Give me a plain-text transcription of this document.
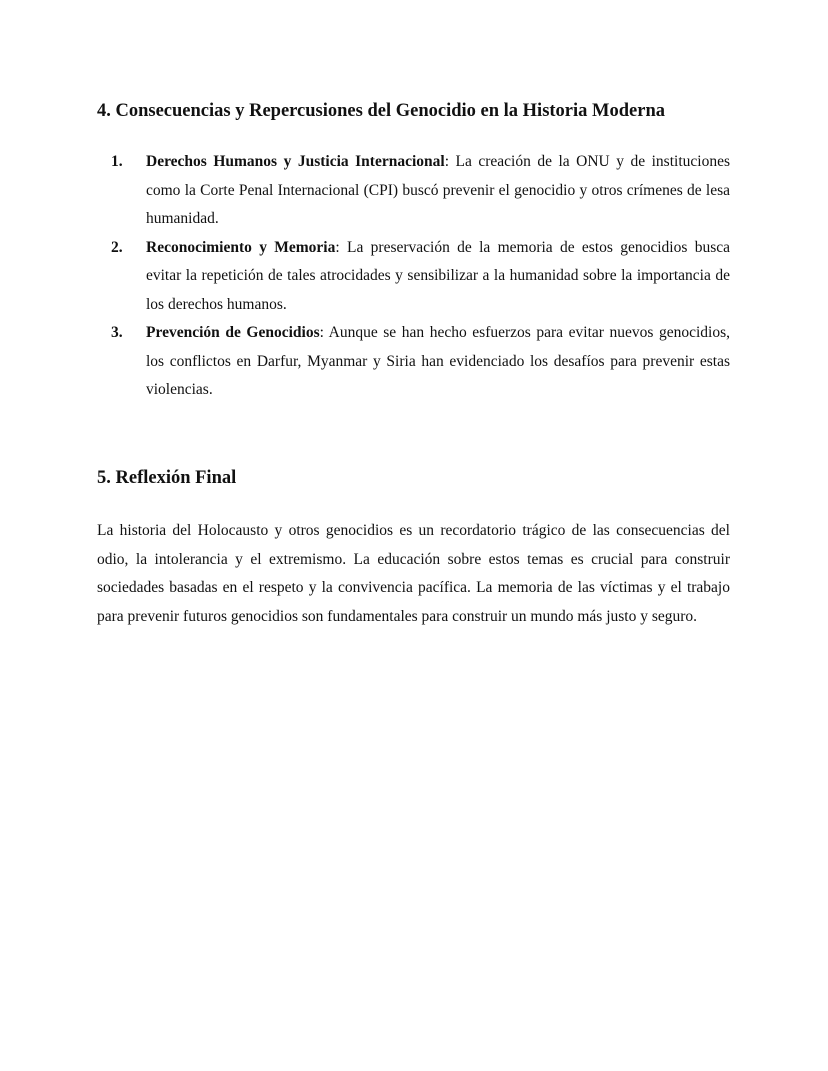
4. Consecuencias y Repercusiones del Genocidio en la Historia Moderna
1. Derechos Humanos y Justicia Internacional: La creación de la ONU y de instituciones como la Corte Penal Internacional (CPI) buscó prevenir el genocidio y otros crímenes de lesa humanidad.
2. Reconocimiento y Memoria: La preservación de la memoria de estos genocidios busca evitar la repetición de tales atrocidades y sensibilizar a la humanidad sobre la importancia de los derechos humanos.
3. Prevención de Genocidios: Aunque se han hecho esfuerzos para evitar nuevos genocidios, los conflictos en Darfur, Myanmar y Siria han evidenciado los desafíos para prevenir estas violencias.
5. Reflexión Final

La historia del Holocausto y otros genocidios es un recordatorio trágico de las consecuencias del odio, la intolerancia y el extremismo. La educación sobre estos temas es crucial para construir sociedades basadas en el respeto y la convivencia pacífica. La memoria de las víctimas y el trabajo para prevenir futuros genocidios son fundamentales para construir un mundo más justo y seguro.
